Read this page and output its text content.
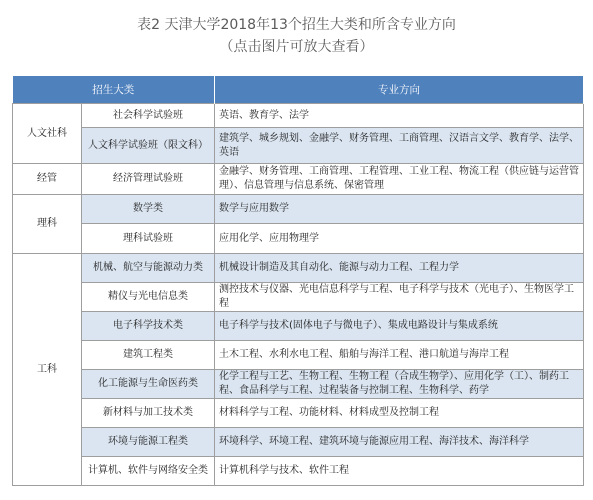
表2 天津大学2018年13个招生大类和所含专业方向
（点击图片可放大查看）
招生大类		专业方向
人文社科	社会科学试验班	英语、教育学、法学
	人文科学试验班（限文科）	建筑学、城乡规划、金融学、财务管理、工商管理、汉语言文学、教育学、法学、英语
经管	经济管理试验班	金融学、财务管理、工商管理、工程管理、工业工程、物流工程（供应链与运营管理）、信息管理与信息系统、保密管理
理科	数学类	数学与应用数学
	理科试验班	应用化学、应用物理学
工科	机械、航空与能源动力类	机械设计制造及其自动化、能源与动力工程、工程力学
	精仪与光电信息类	测控技术与仪器、光电信息科学与工程、电子科学与技术（光电子）、生物医学工程
	电子科学技术类	电子科学与技术(固体电子与微电子）、集成电路设计与集成系统
	建筑工程类	土木工程、水利水电工程、船舶与海洋工程、港口航道与海岸工程
	化工能源与生命医药类	化学工程与工艺、生物工程、生物工程（合成生物学）、应用化学（工）、制药工程、食品科学与工程、过程装备与控制工程、生物科学、药学
	新材料与加工技术类	材料科学与工程、功能材料、材料成型及控制工程
	环境与能源工程类	环境科学、环境工程、建筑环境与能源应用工程、海洋技术、海洋科学
	计算机、软件与网络安全类	计算机科学与技术、软件工程
